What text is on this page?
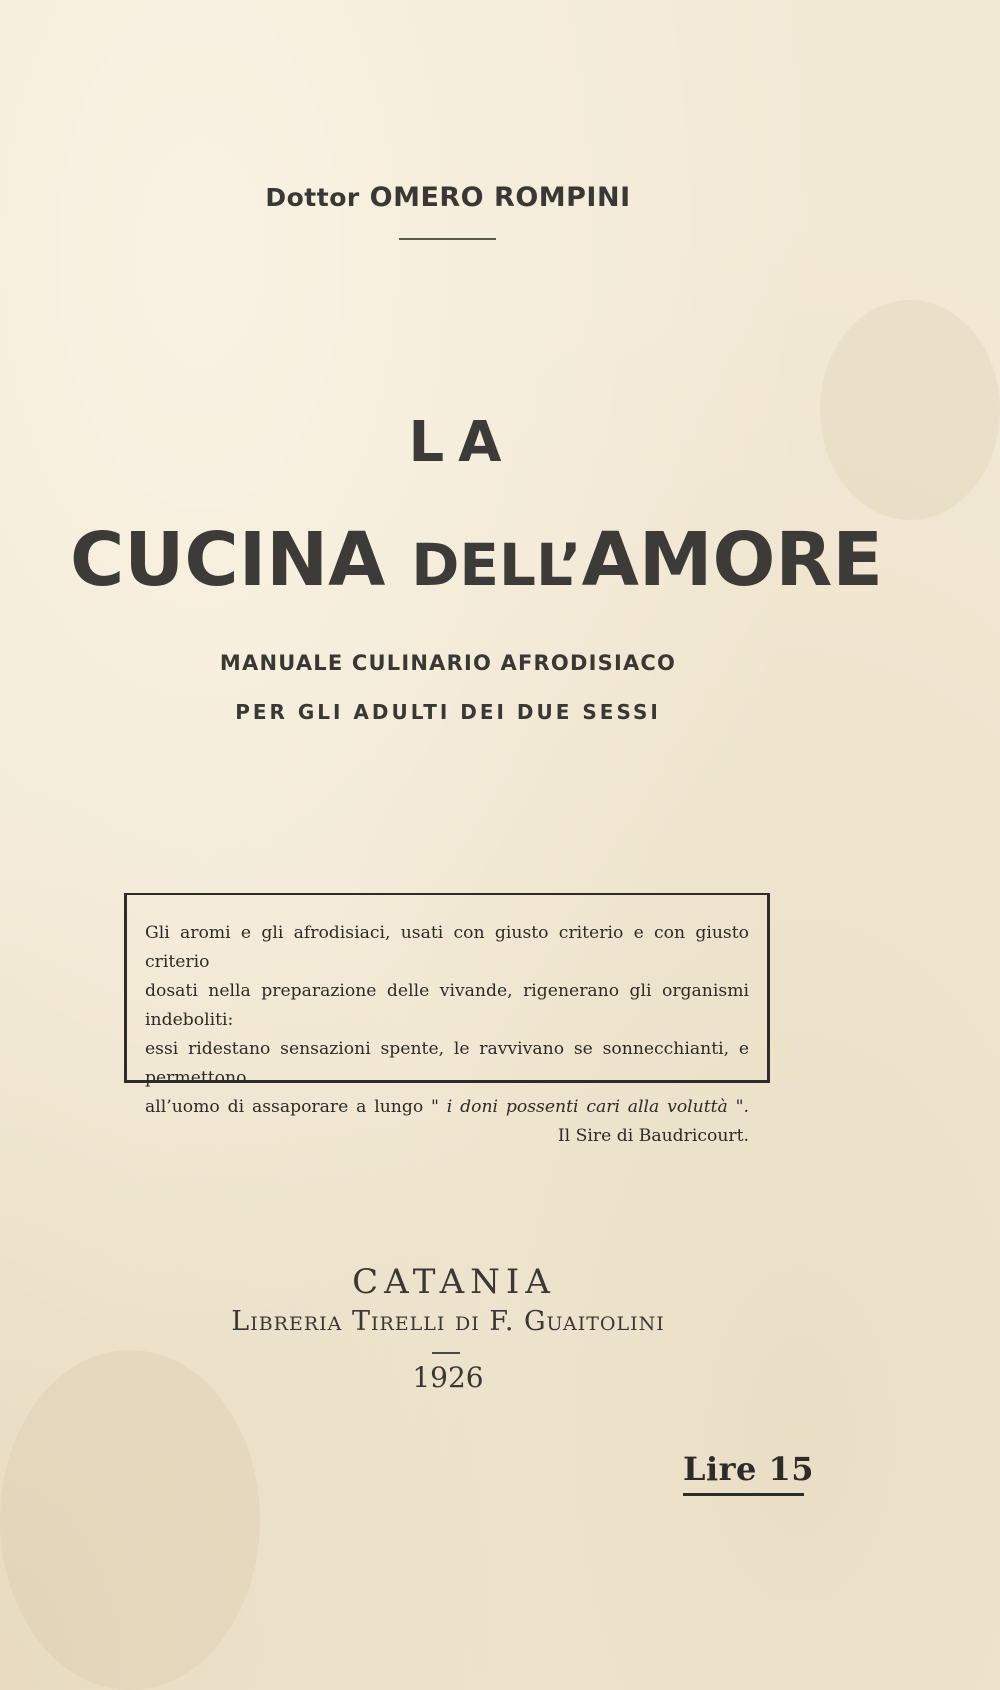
Dottor OMERO ROMPINI
LA
CUCINA DELL’AMORE
MANUALE CULINARIO AFRODISIACO
PER GLI ADULTI DEI DUE SESSI

Gli aromi e gli afrodisiaci, usati con giusto criterio e con giusto criterio

dosati nella preparazione delle vivande, rigenerano gli organismi indeboliti:

essi ridestano sensazioni spente, le ravvivano se sonnecchianti, e permettono

all’uomo di assaporare a lungo " i doni possenti cari alla voluttà ".

Il Sire di Baudricourt.

CATANIA
Libreria Tirelli di F. Guaitolini
1926
Lire 15
